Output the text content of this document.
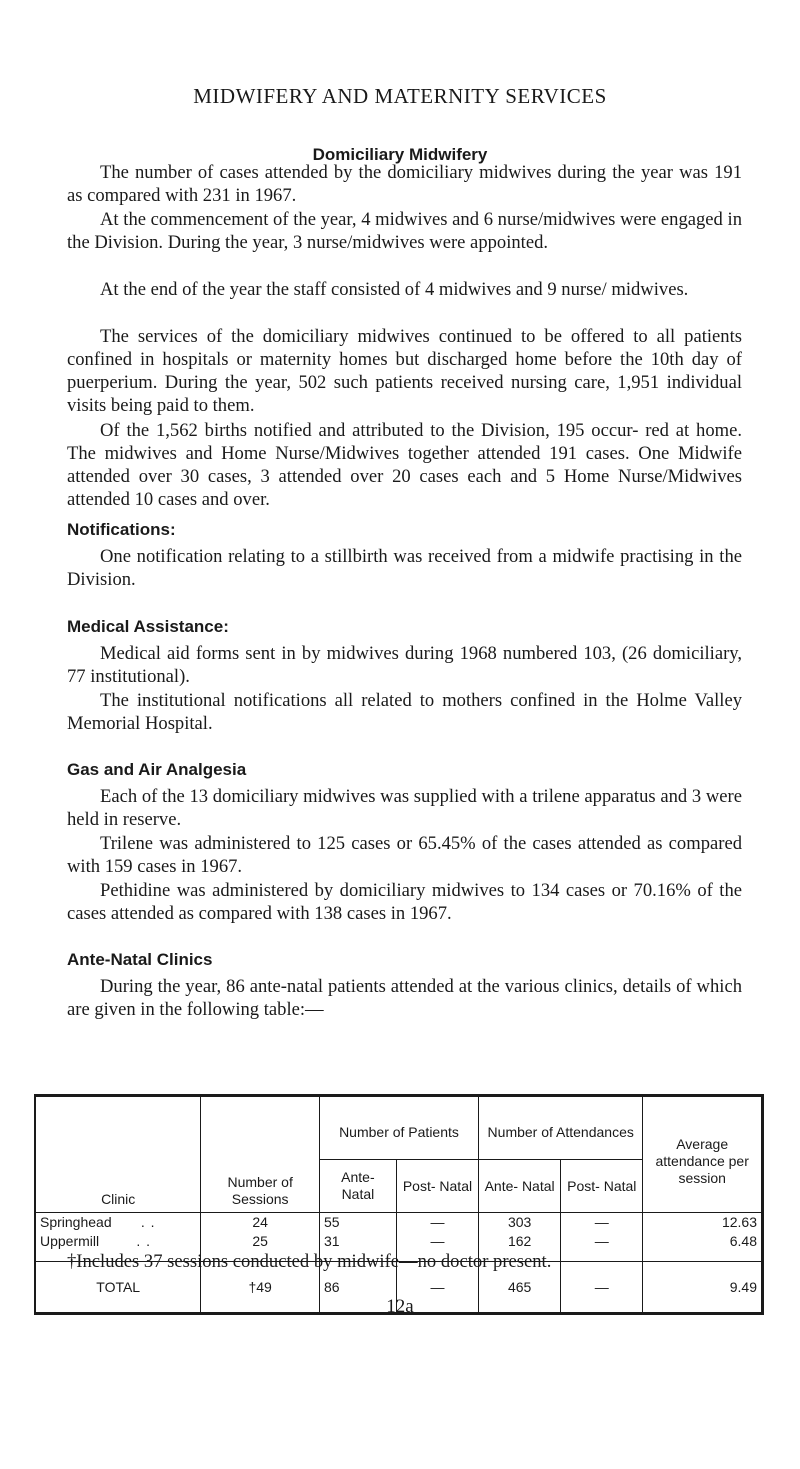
MIDWIFERY AND MATERNITY SERVICES
Domiciliary Midwifery

The number of cases attended by the domiciliary midwives during the year was 191 as compared with 231 in 1967.

At the commencement of the year, 4 midwives and 6 nurse/midwives were engaged in the Division. During the year, 3 nurse/midwives were appointed.

At the end of the year the staff consisted of 4 midwives and 9 nurse/ midwives.

The services of the domiciliary midwives continued to be offered to all patients confined in hospitals or maternity homes but discharged home before the 10th day of puerperium. During the year, 502 such patients received nursing care, 1,951 individual visits being paid to them.

Of the 1,562 births notified and attributed to the Division, 195 occur- red at home. The midwives and Home Nurse/Midwives together attended 191 cases. One Midwife attended over 30 cases, 3 attended over 20 cases each and 5 Home Nurse/Midwives attended 10 cases and over.

Notifications:

One notification relating to a stillbirth was received from a midwife practising in the Division.

Medical Assistance:

Medical aid forms sent in by midwives during 1968 numbered 103, (26 domiciliary, 77 institutional).

The institutional notifications all related to mothers confined in the Holme Valley Memorial Hospital.

Gas and Air Analgesia

Each of the 13 domiciliary midwives was supplied with a trilene apparatus and 3 were held in reserve.

Trilene was administered to 125 cases or 65.45% of the cases attended as compared with 159 cases in 1967.

Pethidine was administered by domiciliary midwives to 134 cases or 70.16% of the cases attended as compared with 138 cases in 1967.

Ante-Natal Clinics

During the year, 86 ante-natal patients attended at the various clinics, details of which are given in the following table:—

Clinic	Number of Sessions	Number of Patients		Number of Attendances		Average attendance per session
		Ante- Natal	Post- Natal	Ante- Natal	Post- Natal	

Springhead . .	24	55	—	303	—	12.63
Uppermill . .	25	31	—	162	—	6.48

TOTAL	†49	86	—	465	—	9.49
†Includes 37 sessions conducted by midwife—no doctor present.
12a
